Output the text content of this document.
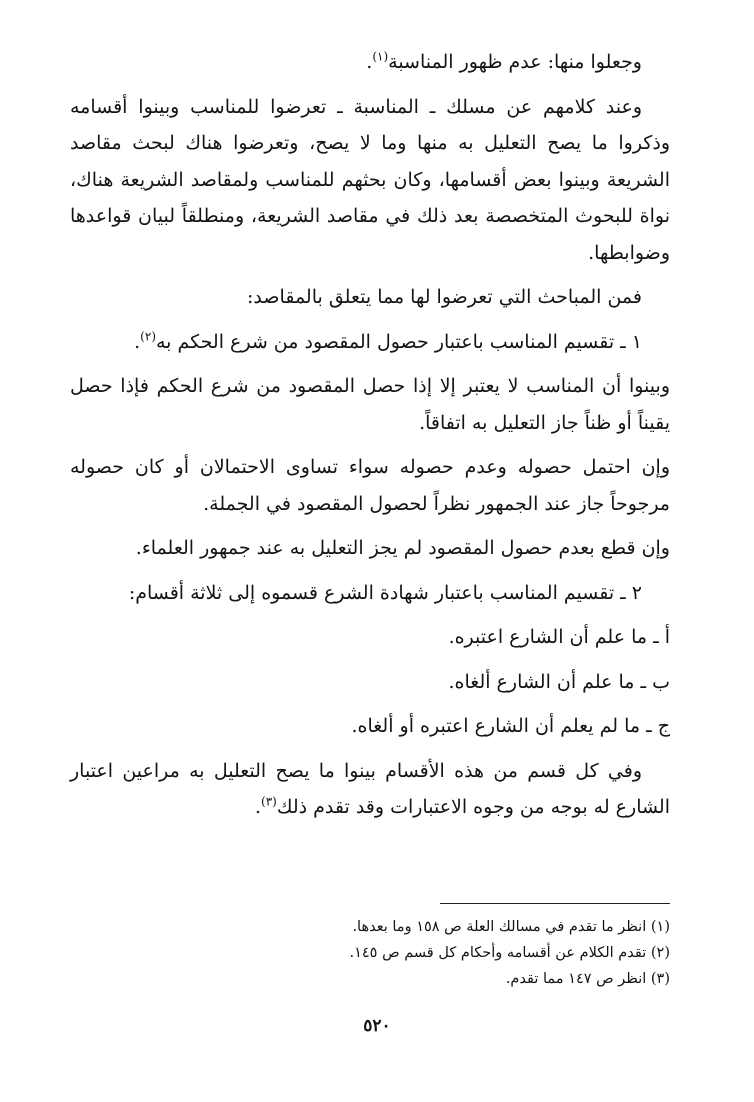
وجعلوا منها: عدم ظهور المناسبة$^{(١)}$.

وعند كلامهم عن مسلك ـ المناسبة ـ تعرضوا للمناسب وبينوا أقسامه وذكروا ما يصح التعليل به منها وما لا يصح، وتعرضوا هناك لبحث مقاصد الشريعة وبينوا بعض أقسامها، وكان بحثهم للمناسب ولمقاصد الشريعة هناك، نواة للبحوث المتخصصة بعد ذلك في مقاصد الشريعة، ومنطلقاً لبيان قواعدها وضوابطها.

فمن المباحث التي تعرضوا لها مما يتعلق بالمقاصد:

١ ـ تقسيم المناسب باعتبار حصول المقصود من شرع الحكم به$^{(٢)}$.

وبينوا أن المناسب لا يعتبر إلا إذا حصل المقصود من شرع الحكم فإذا حصل يقيناً أو ظناً جاز التعليل به اتفاقاً.

وإن احتمل حصوله وعدم حصوله سواء تساوى الاحتمالان أو كان حصوله مرجوحاً جاز عند الجمهور نظراً لحصول المقصود في الجملة.

وإن قطع بعدم حصول المقصود لم يجز التعليل به عند جمهور العلماء.

٢ ـ تقسيم المناسب باعتبار شهادة الشرع قسموه إلى ثلاثة أقسام:

أ ـ ما علم أن الشارع اعتبره.

ب ـ ما علم أن الشارع ألغاه.

ج ـ ما لم يعلم أن الشارع اعتبره أو ألغاه.

وفي كل قسم من هذه الأقسام بينوا ما يصح التعليل به مراعين اعتبار الشارع له بوجه من وجوه الاعتبارات وقد تقدم ذلك$^{(٣)}$.

(١) انظر ما تقدم في مسالك العلة ص ١٥٨ وما بعدها.
(٢) تقدم الكلام عن أقسامه وأحكام كل قسم ص ١٤٥.
(٣) انظر ص ١٤٧ مما تقدم.
٥٢٠
